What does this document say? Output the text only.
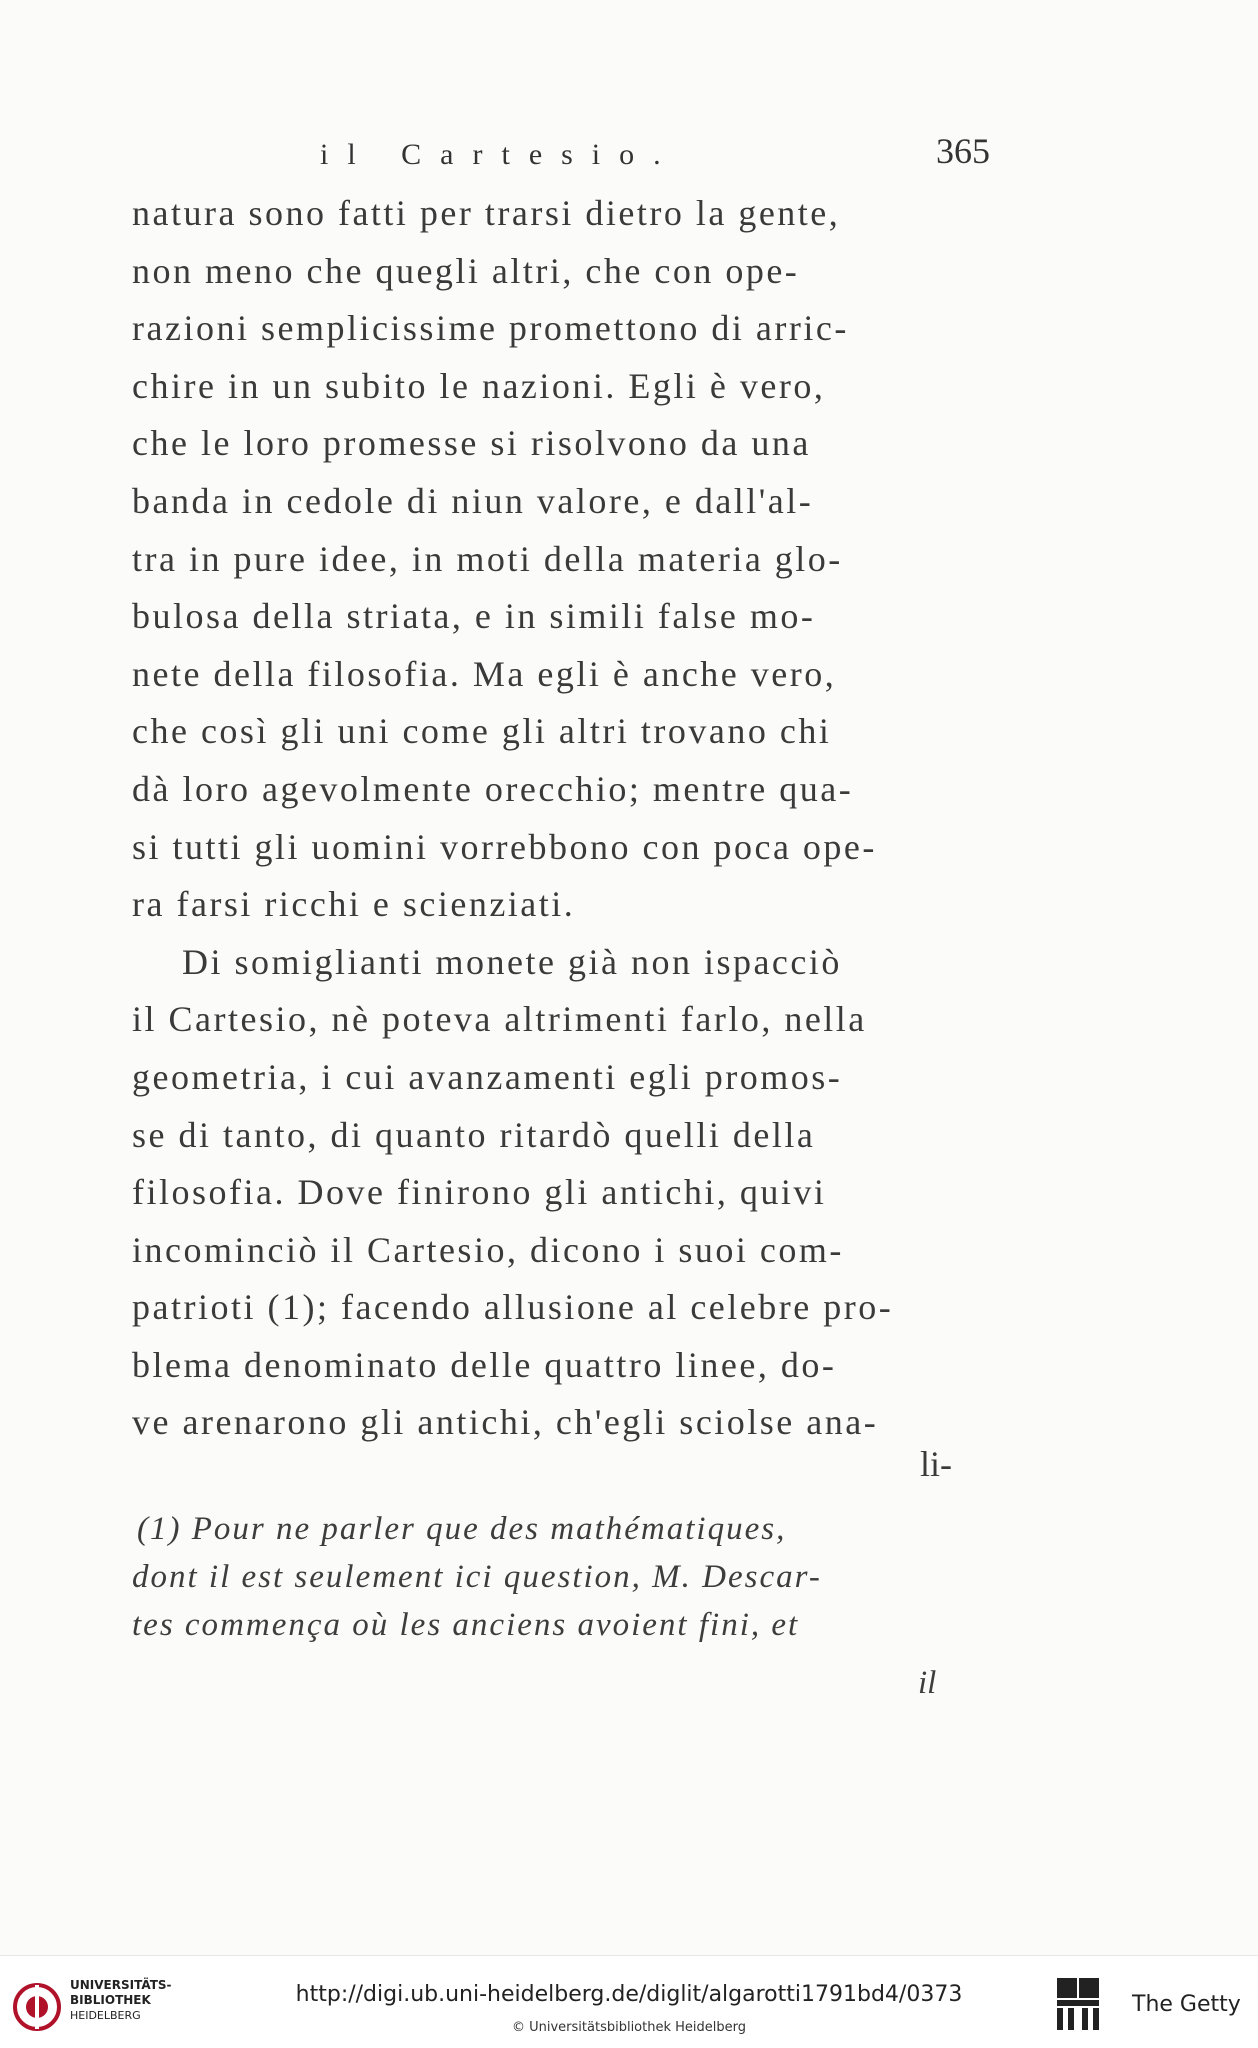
il Cartesio.	365
natura sono fatti per trarsi dietro la gente,
non meno che quegli altri, che con ope-
razioni semplicissime promettono di arric-
chire in un subito le nazioni. Egli è vero,
che le loro promesse si risolvono da una
banda in cedole di niun valore, e dall'al-
tra in pure idee, in moti della materia glo-
bulosa della striata, e in simili false mo-
nete della filosofia. Ma egli è anche vero,
che così gli uni come gli altri trovano chi
dà loro agevolmente orecchio; mentre qua-
si tutti gli uomini vorrebbono con poca ope-
ra farsi ricchi e scienziati.
Di somiglianti monete già non ispacciò
il Cartesio, nè poteva altrimenti farlo, nella
geometria, i cui avanzamenti egli promos-
se di tanto, di quanto ritardò quelli della
filosofia. Dove finirono gli antichi, quivi
incominciò il Cartesio, dicono i suoi com-
patrioti (1); facendo allusione al celebre pro-
blema denominato delle quattro linee, do-
ve arenarono gli antichi, ch'egli sciolse ana-
li-
(1) Pour ne parler que des mathématiques,
dont il est seulement ici question, M. Descar-
tes commença où les anciens avoient fini, et
il
UNIVERSITÄTS-
BIBLIOTHEK
HEIDELBERG
http://digi.ub.uni-heidelberg.de/diglit/algarotti1791bd4/0373
© Universitätsbibliothek Heidelberg
The Getty
